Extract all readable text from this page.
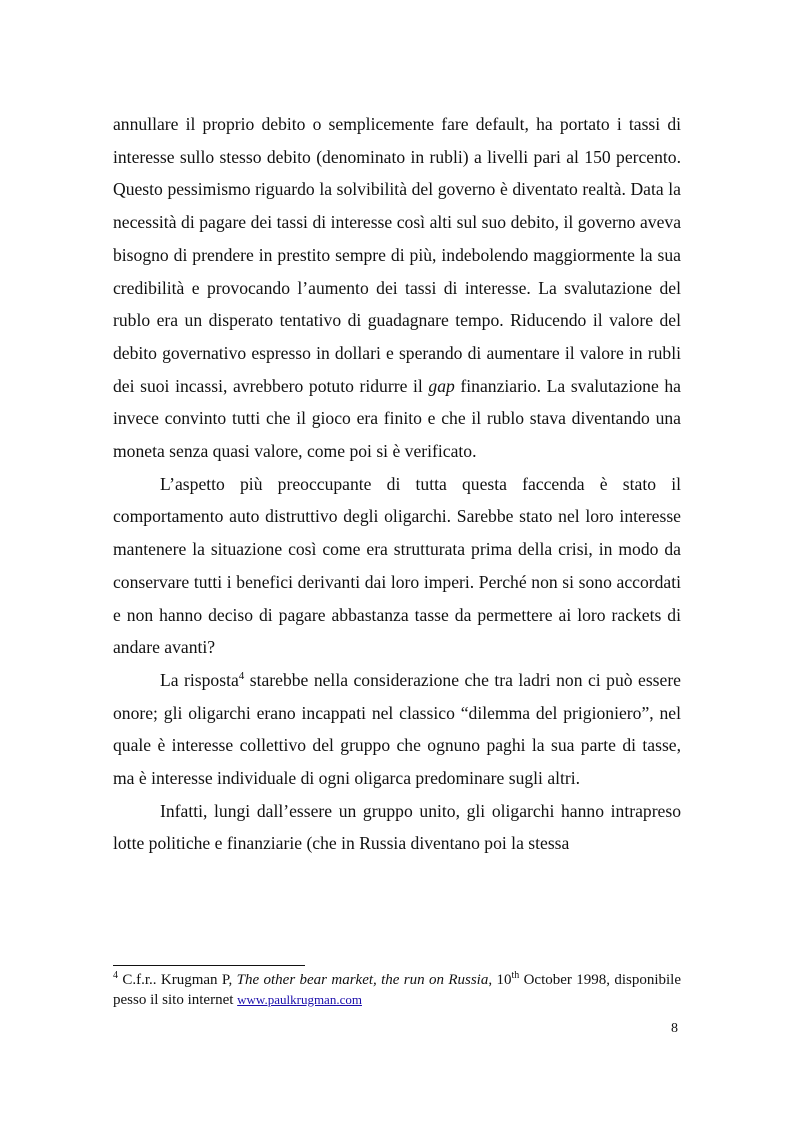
annullare il proprio debito o semplicemente fare default, ha portato i tassi di interesse sullo stesso debito (denominato in rubli) a livelli pari al 150 percento. Questo pessimismo riguardo la solvibilità del governo è diventato realtà. Data la necessità di pagare dei tassi di interesse così alti sul suo debito, il governo aveva bisogno di prendere in prestito sempre di più, indebolendo maggiormente la sua credibilità e provocando l’aumento dei tassi di interesse. La svalutazione del rublo era un disperato tentativo di guadagnare tempo. Riducendo il valore del debito governativo espresso in dollari e sperando di aumentare il valore in rubli dei suoi incassi, avrebbero potuto ridurre il gap finanziario. La svalutazione ha invece convinto tutti che il gioco era finito e che il rublo stava diventando una moneta senza quasi valore, come poi si è verificato.

L’aspetto più preoccupante di tutta questa faccenda è stato il comportamento auto distruttivo degli oligarchi. Sarebbe stato nel loro interesse mantenere la situazione così come era strutturata prima della crisi, in modo da conservare tutti i benefici derivanti dai loro imperi. Perché non si sono accordati e non hanno deciso di pagare abbastanza tasse da permettere ai loro rackets di andare avanti?

La risposta$^4$ starebbe nella considerazione che tra ladri non ci può essere onore; gli oligarchi erano incappati nel classico “dilemma del prigioniero”, nel quale è interesse collettivo del gruppo che ognuno paghi la sua parte di tasse, ma è interesse individuale di ogni oligarca predominare sugli altri.

Infatti, lungi dall’essere un gruppo unito, gli oligarchi hanno intrapreso lotte politiche e finanziarie (che in Russia diventano poi la stessa

$^4$ C.f.r.. Krugman P, The other bear market, the run on Russia, 10th October 1998, disponibile pesso il sito internet www.paulkrugman.com
8
